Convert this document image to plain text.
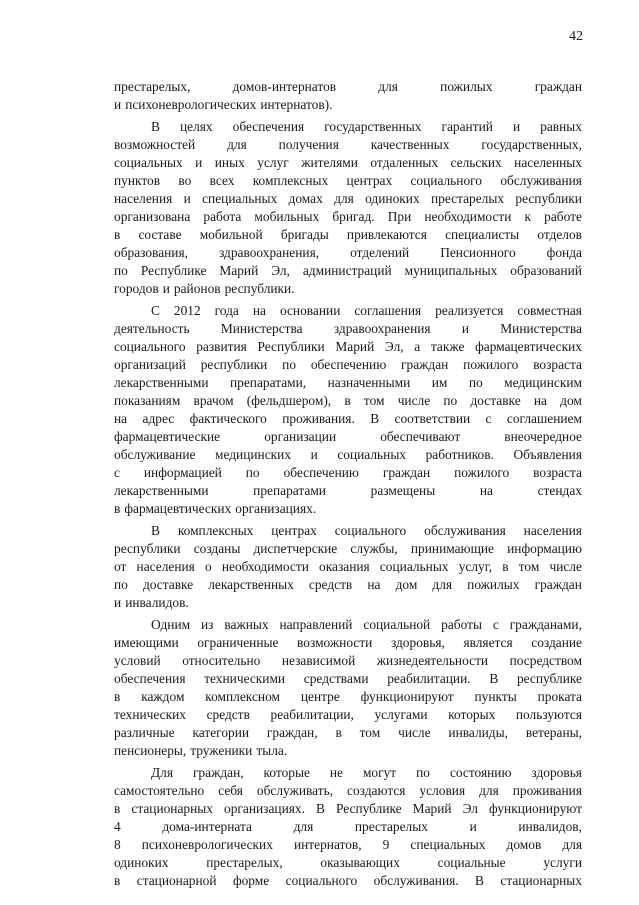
42
престарелых,	домов-интернатов	для	пожилых	граждан
и психоневрологических интернатов).
В целях обеспечения государственных гарантий и равных
возможностей для получения качественных государственных,
социальных и иных услуг жителями отдаленных сельских населенных
пунктов во всех комплексных центрах социального обслуживания
населения и специальных домах для одиноких престарелых республики
организована работа мобильных бригад. При необходимости к работе
в составе мобильной бригады привлекаются специалисты отделов
образования, здравоохранения, отделений Пенсионного фонда
по Республике Марий Эл, администраций муниципальных образований
городов и районов республики.
С 2012 года на основании соглашения реализуется совместная
деятельность Министерства здравоохранения и Министерства
социального развития Республики Марий Эл, а также фармацевтических
организаций республики по обеспечению граждан пожилого возраста
лекарственными препаратами, назначенными им по медицинским
показаниям врачом (фельдшером), в том числе по доставке на дом
на адрес фактического проживания. В соответствии с соглашением
фармацевтические	организации	обеспечивают	внеочередное
обслуживание медицинских и социальных работников. Объявления
с информацией по обеспечению граждан пожилого возраста
лекарственными	препаратами	размещены	на	стендах
в фармацевтических организациях.
В комплексных центрах социального обслуживания населения
республики созданы диспетчерские службы, принимающие информацию
от населения о необходимости оказания социальных услуг, в том числе
по доставке лекарственных средств на дом для пожилых граждан
и инвалидов.
Одним из важных направлений социальной работы с гражданами,
имеющими ограниченные возможности здоровья, является создание
условий относительно независимой жизнедеятельности посредством
обеспечения техническими средствами реабилитации. В республике
в каждом комплексном центре функционируют пункты проката
технических средств реабилитации, услугами которых пользуются
различные категории граждан, в том числе инвалиды, ветераны,
пенсионеры, труженики тыла.
Для граждан, которые не могут по состоянию здоровья
самостоятельно себя обслуживать, создаются условия для проживания
в стационарных организациях. В Республике Марий Эл функционируют
4	дома-интерната	для	престарелых	и	инвалидов,
8 психоневрологических интернатов, 9 специальных домов для
одиноких	престарелых,	оказывающих	социальные	услуги
в стационарной форме социального обслуживания. В стационарных
